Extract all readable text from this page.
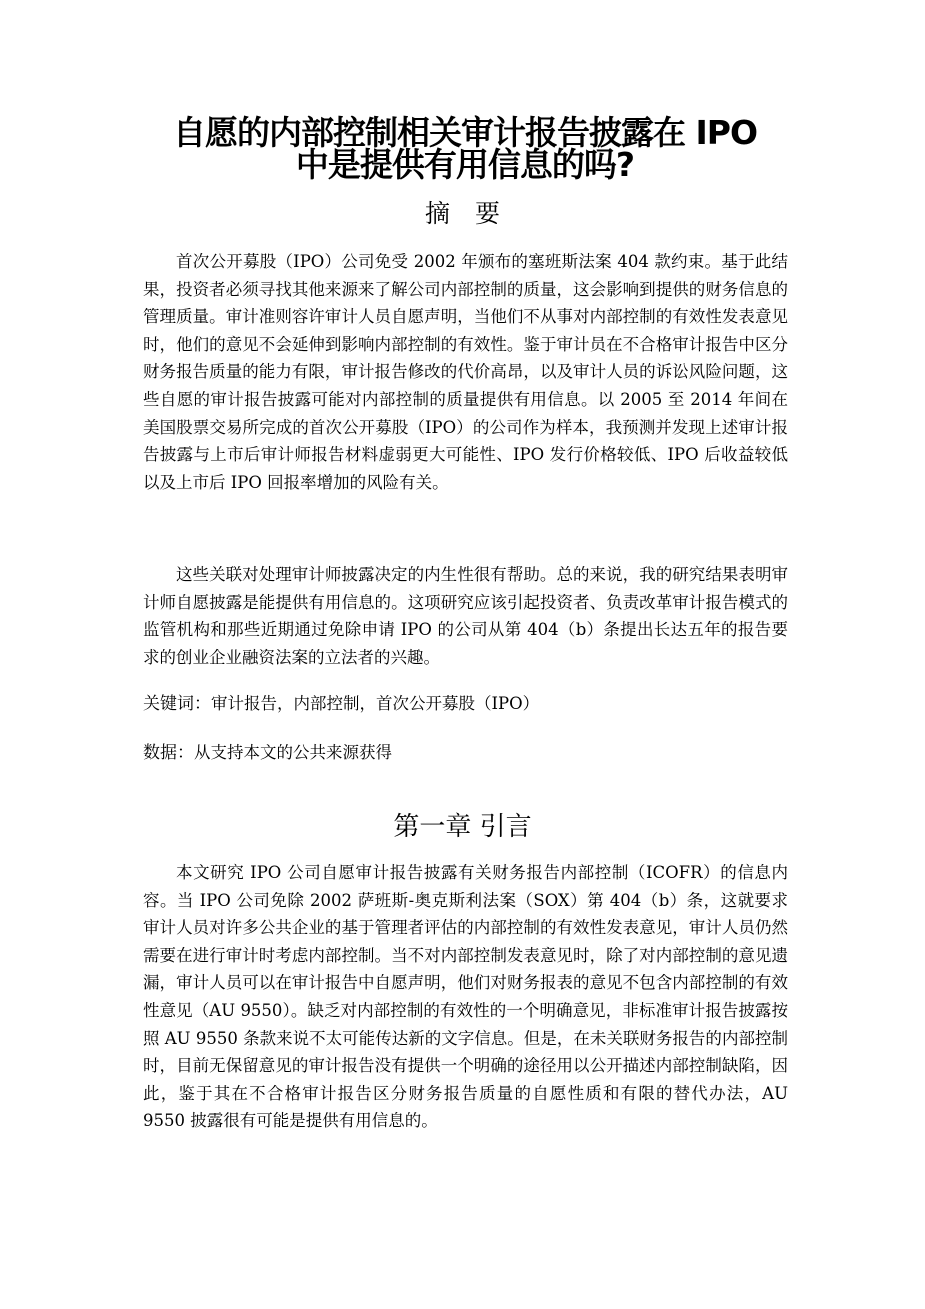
自愿的内部控制相关审计报告披露在 IPO
中是提供有用信息的吗?
摘　要

首次公开募股（IPO）公司免受 2002 年颁布的塞班斯法案 404 款约束。基于此结果，投资者必须寻找其他来源来了解公司内部控制的质量，这会影响到提供的财务信息的管理质量。审计准则容许审计人员自愿声明，当他们不从事对内部控制的有效性发表意见时，他们的意见不会延伸到影响内部控制的有效性。鉴于审计员在不合格审计报告中区分财务报告质量的能力有限，审计报告修改的代价高昂，以及审计人员的诉讼风险问题，这些自愿的审计报告披露可能对内部控制的质量提供有用信息。以 2005 至 2014 年间在美国股票交易所完成的首次公开募股（IPO）的公司作为样本，我预测并发现上述审计报告披露与上市后审计师报告材料虚弱更大可能性、IPO 发行价格较低、IPO 后收益较低以及上市后 IPO 回报率增加的风险有关。

这些关联对处理审计师披露决定的内生性很有帮助。总的来说，我的研究结果表明审计师自愿披露是能提供有用信息的。这项研究应该引起投资者、负责改革审计报告模式的监管机构和那些近期通过免除申请 IPO 的公司从第 404（b）条提出长达五年的报告要求的创业企业融资法案的立法者的兴趣。

关键词：审计报告，内部控制，首次公开募股（IPO）

数据：从支持本文的公共来源获得

第一章 引言

本文研究 IPO 公司自愿审计报告披露有关财务报告内部控制（ICOFR）的信息内容。当 IPO 公司免除 2002 萨班斯-奥克斯利法案（SOX）第 404（b）条，这就要求审计人员对许多公共企业的基于管理者评估的内部控制的有效性发表意见，审计人员仍然需要在进行审计时考虑内部控制。当不对内部控制发表意见时，除了对内部控制的意见遗漏，审计人员可以在审计报告中自愿声明，他们对财务报表的意见不包含内部控制的有效性意见（AU 9550）。缺乏对内部控制的有效性的一个明确意见，非标准审计报告披露按照 AU 9550 条款来说不太可能传达新的文字信息。但是，在未关联财务报告的内部控制时，目前无保留意见的审计报告没有提供一个明确的途径用以公开描述内部控制缺陷，因此，鉴于其在不合格审计报告区分财务报告质量的自愿性质和有限的替代办法，AU 9550 披露很有可能是提供有用信息的。
